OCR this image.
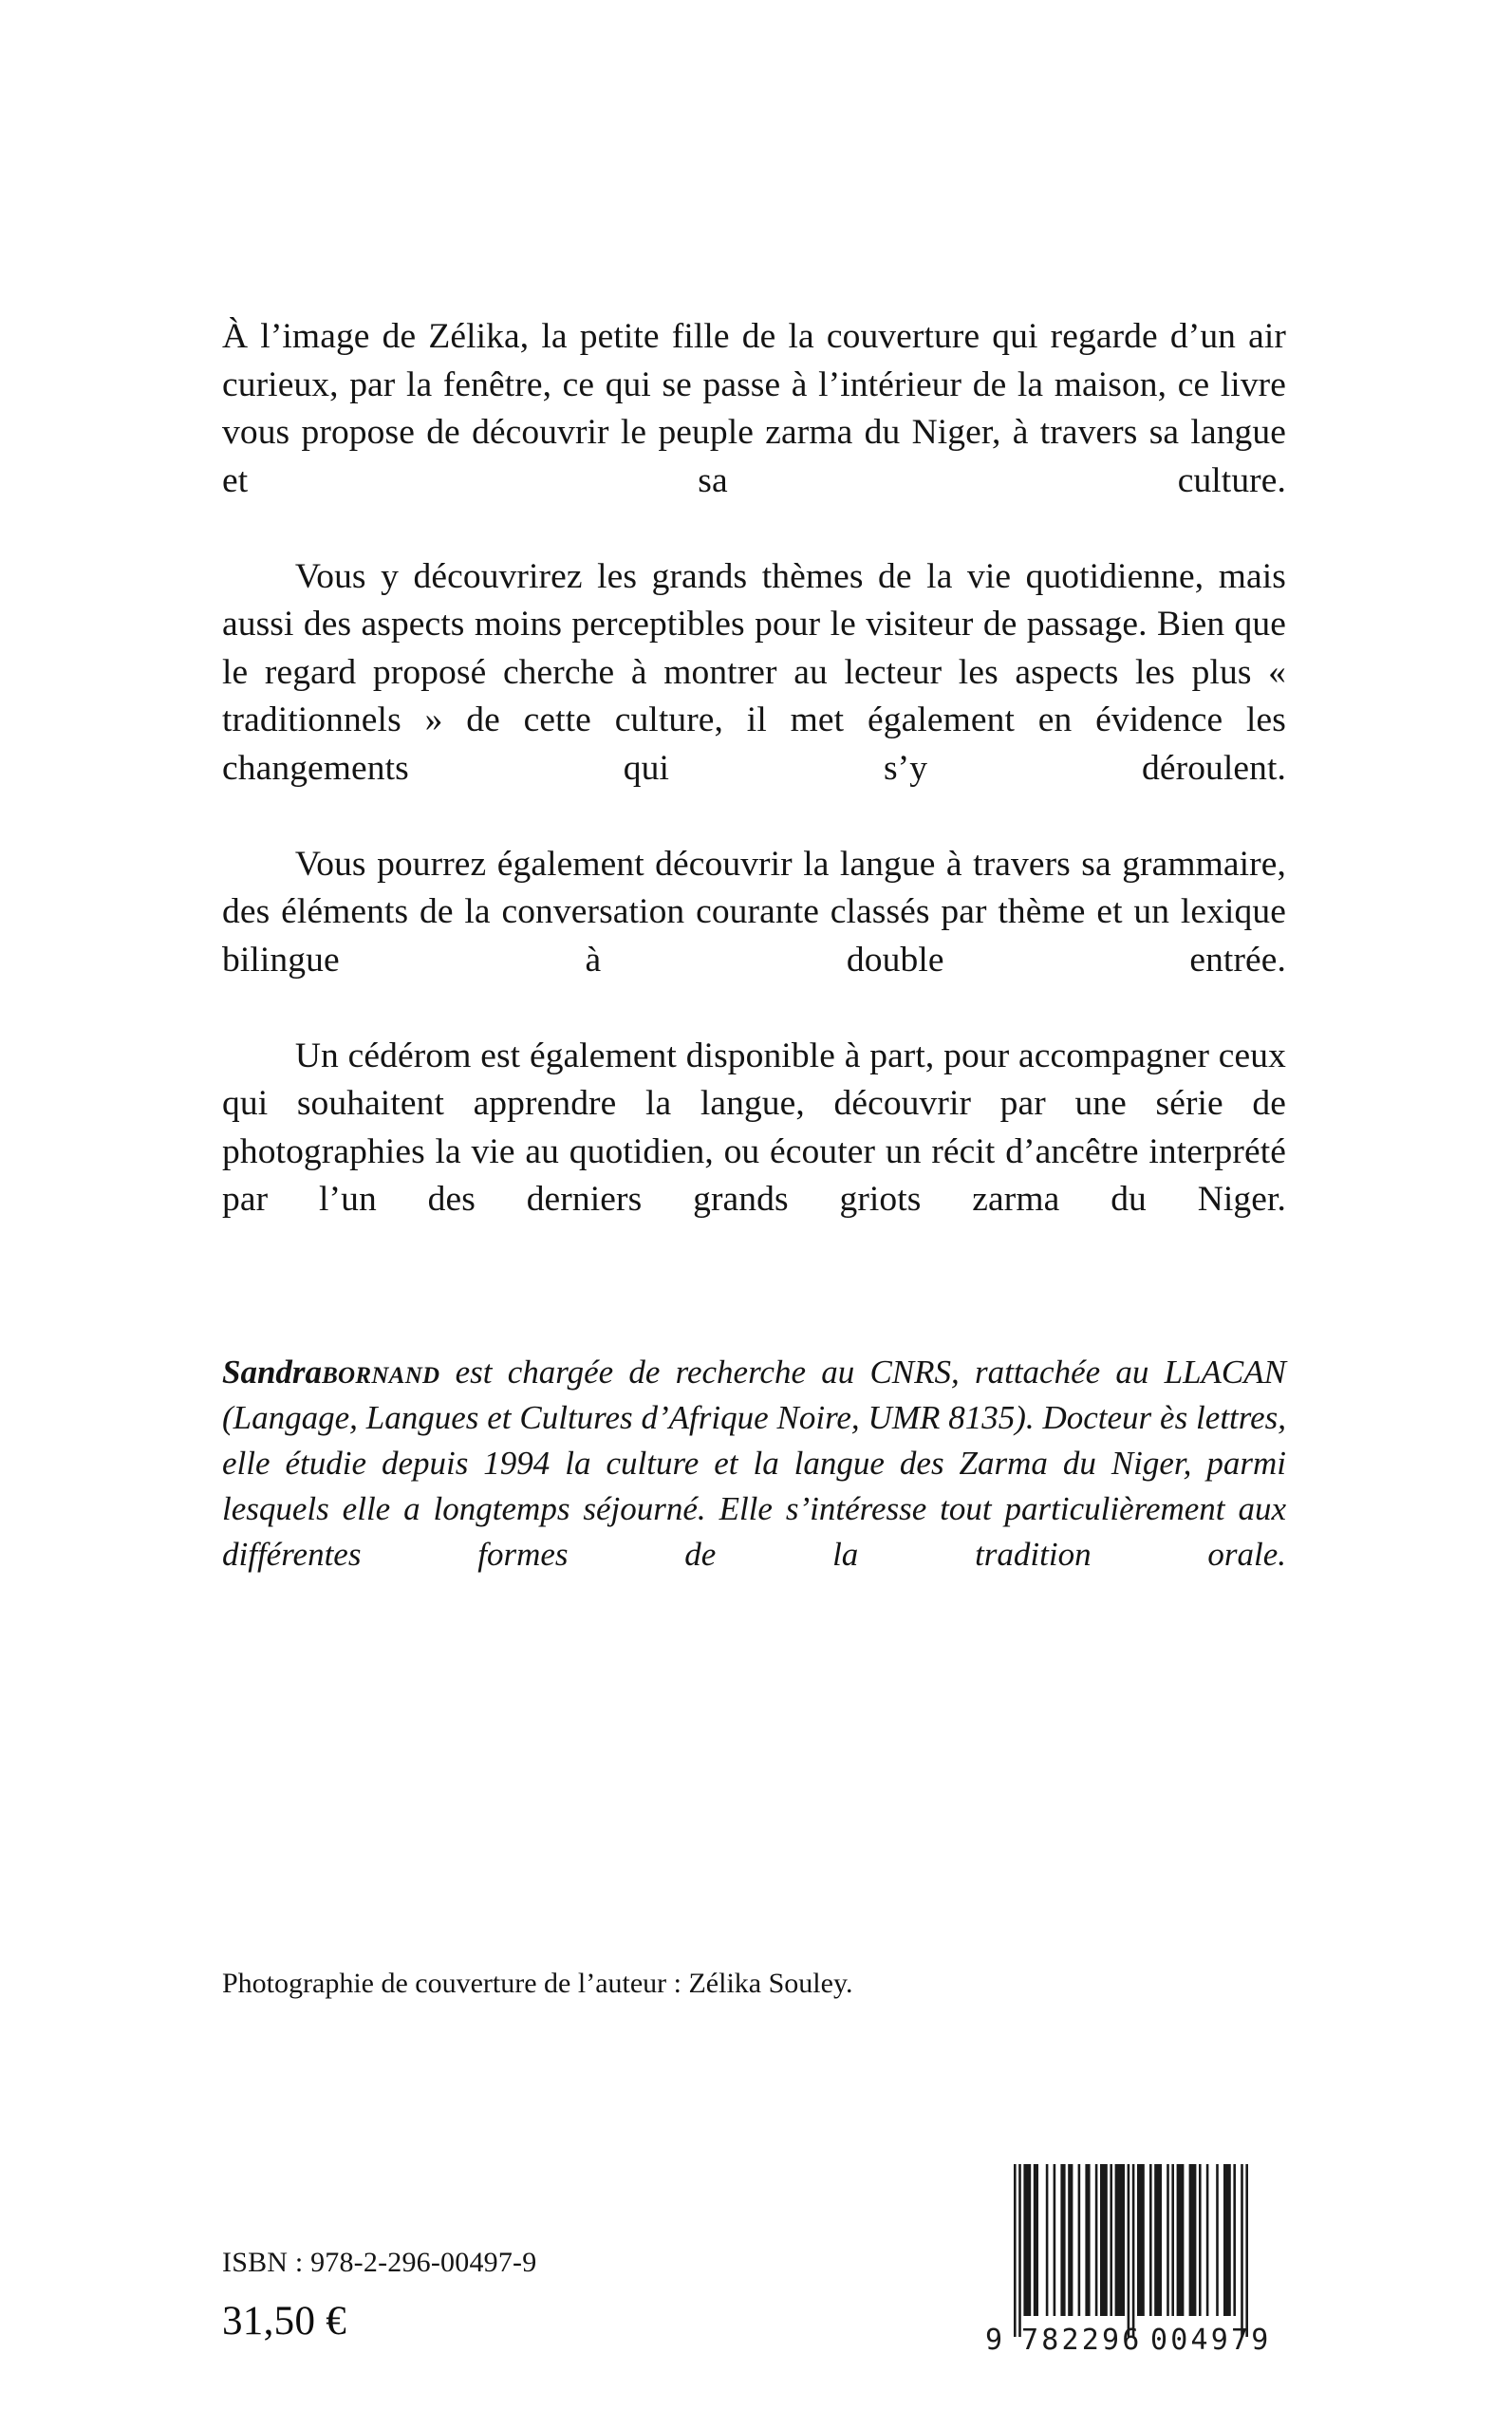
À l’image de Zélika, la petite fille de la couverture qui regarde d’un air curieux, par la fenêtre, ce qui se passe à l’intérieur de la maison, ce livre vous propose de découvrir le peuple zarma du Niger, à travers sa langue et sa culture.

Vous y découvrirez les grands thèmes de la vie quotidienne, mais aussi des aspects moins perceptibles pour le visiteur de passage. Bien que le regard proposé cherche à montrer au lecteur les aspects les plus « traditionnels » de cette culture, il met également en évidence les changements qui s’y déroulent.

Vous pourrez également découvrir la langue à travers sa grammaire, des éléments de la conversation courante classés par thème et un lexique bilingue à double entrée.

Un cédérom est également disponible à part, pour accompagner ceux qui souhaitent apprendre la langue, découvrir par une série de photographies la vie au quotidien, ou écouter un récit d’ancêtre interprété par l’un des derniers grands griots zarma du Niger.

Sandrabornand est chargée de recherche au CNRS, rattachée au LLACAN (Langage, Langues et Cultures d’Afrique Noire, UMR 8135). Docteur ès lettres, elle étudie depuis 1994 la culture et la langue des Zarma du Niger, parmi lesquels elle a longtemps séjourné. Elle s’intéresse tout particulièrement aux différentes formes de la tradition orale.

Photographie de couverture de l’auteur : Zélika Souley.
ISBN : 978-2-296-00497-9
31,50 €	9 782296 004979
